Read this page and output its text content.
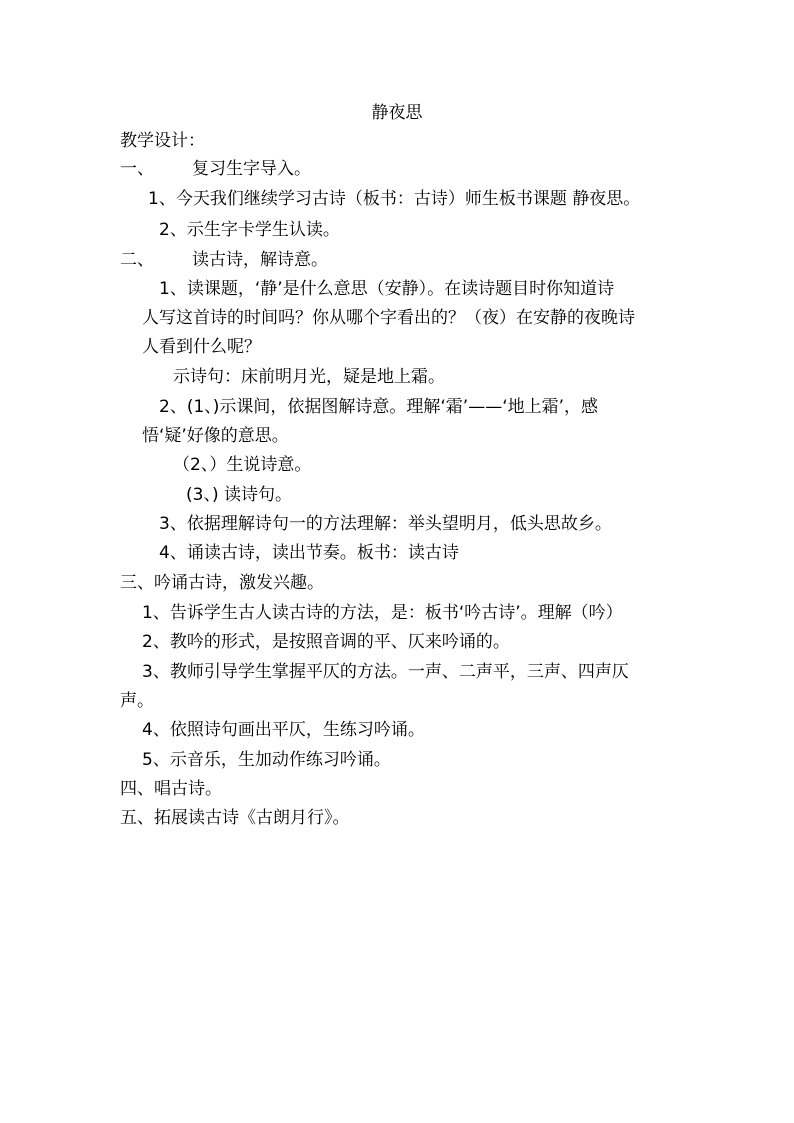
静夜思
教学设计：
一、 复习生字导入。
1、今天我们继续学习古诗（板书：古诗）师生板书课题 静夜思。
2、示生字卡学生认读。
二、 读古诗，解诗意。
1、读课题，‘静’是什么意思（安静）。在读诗题目时你知道诗
人写这首诗的时间吗？你从哪个字看出的？（夜）在安静的夜晚诗
人看到什么呢？
示诗句：床前明月光，疑是地上霜。
2、(1、)示课间，依据图解诗意。理解‘霜’——‘地上霜’，感
悟‘疑’好像的意思。
（2、）生说诗意。
(3、) 读诗句。
3、依据理解诗句一的方法理解：举头望明月，低头思故乡。
4、诵读古诗，读出节奏。板书：读古诗
三、吟诵古诗，激发兴趣。
1、告诉学生古人读古诗的方法，是：板书‘吟古诗’。理解（吟）
2、教吟的形式，是按照音调的平、仄来吟诵的。
3、教师引导学生掌握平仄的方法。一声、二声平，三声、四声仄
声。
4、依照诗句画出平仄，生练习吟诵。
5、示音乐，生加动作练习吟诵。
四、唱古诗。
五、拓展读古诗《古朗月行》。
